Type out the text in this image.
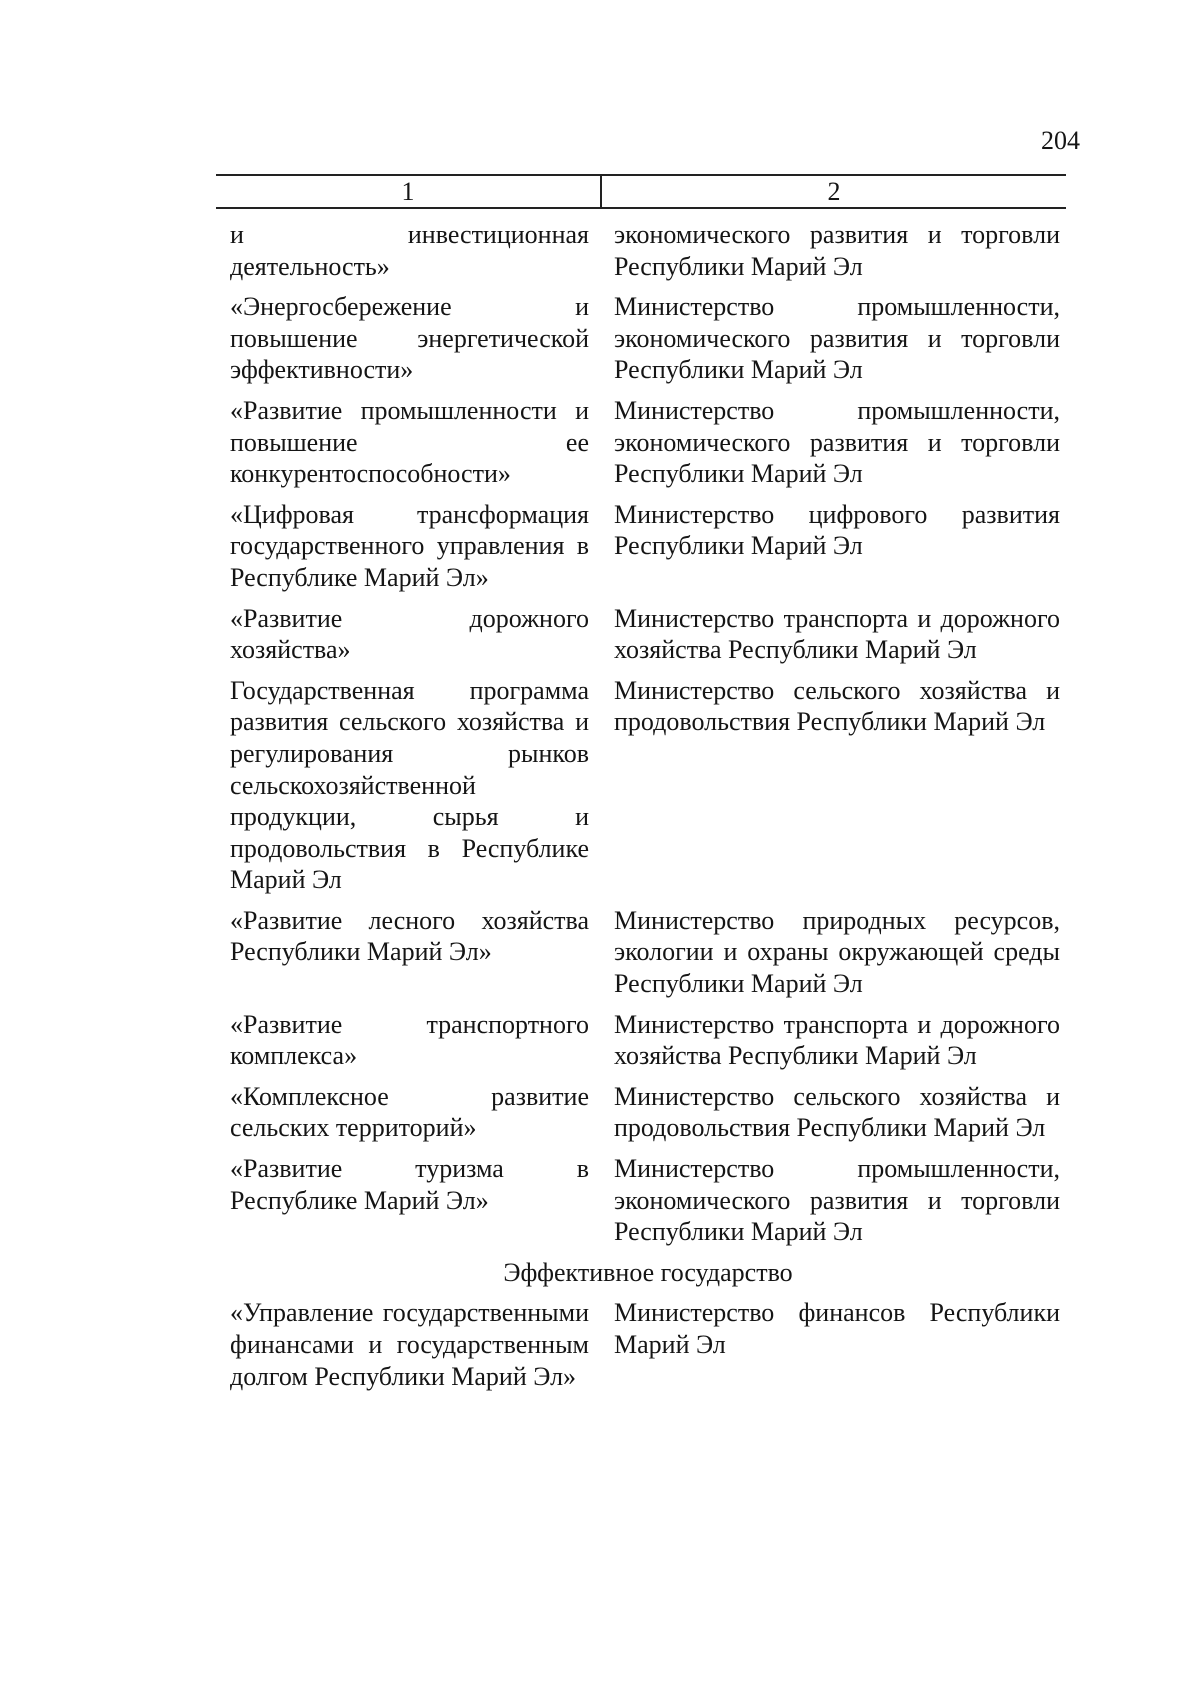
204
1	2
и инвестиционная деятельность»	экономического развития и торговли Республики Марий Эл
«Энергосбережение и повышение энергетической эффективности»	Министерство промышленности, экономического развития и торговли Республики Марий Эл
«Развитие промышленности и повышение ее конкурентоспособности»	Министерство промышленности, экономического развития и торговли Республики Марий Эл
«Цифровая трансформация государственного управления в Республике Марий Эл»	Министерство цифрового развития Республики Марий Эл
«Развитие дорожного хозяйства»	Министерство транспорта и дорожного хозяйства Республики Марий Эл
Государственная программа развития сельского хозяйства и регулирования рынков сельскохозяйственной продукции, сырья и продовольствия в Республике Марий Эл	Министерство сельского хозяйства и продовольствия Республики Марий Эл
«Развитие лесного хозяйства Республики Марий Эл»	Министерство природных ресурсов, экологии и охраны окружающей среды Республики Марий Эл
«Развитие транспортного комплекса»	Министерство транспорта и дорожного хозяйства Республики Марий Эл
«Комплексное развитие сельских территорий»	Министерство сельского хозяйства и продовольствия Республики Марий Эл
«Развитие туризма в Республике Марий Эл»	Министерство промышленности, экономического развития и торговли Республики Марий Эл
Эффективное государство	
«Управление государственными финансами и государственным долгом Республики Марий Эл»	Министерство финансов Республики Марий Эл
